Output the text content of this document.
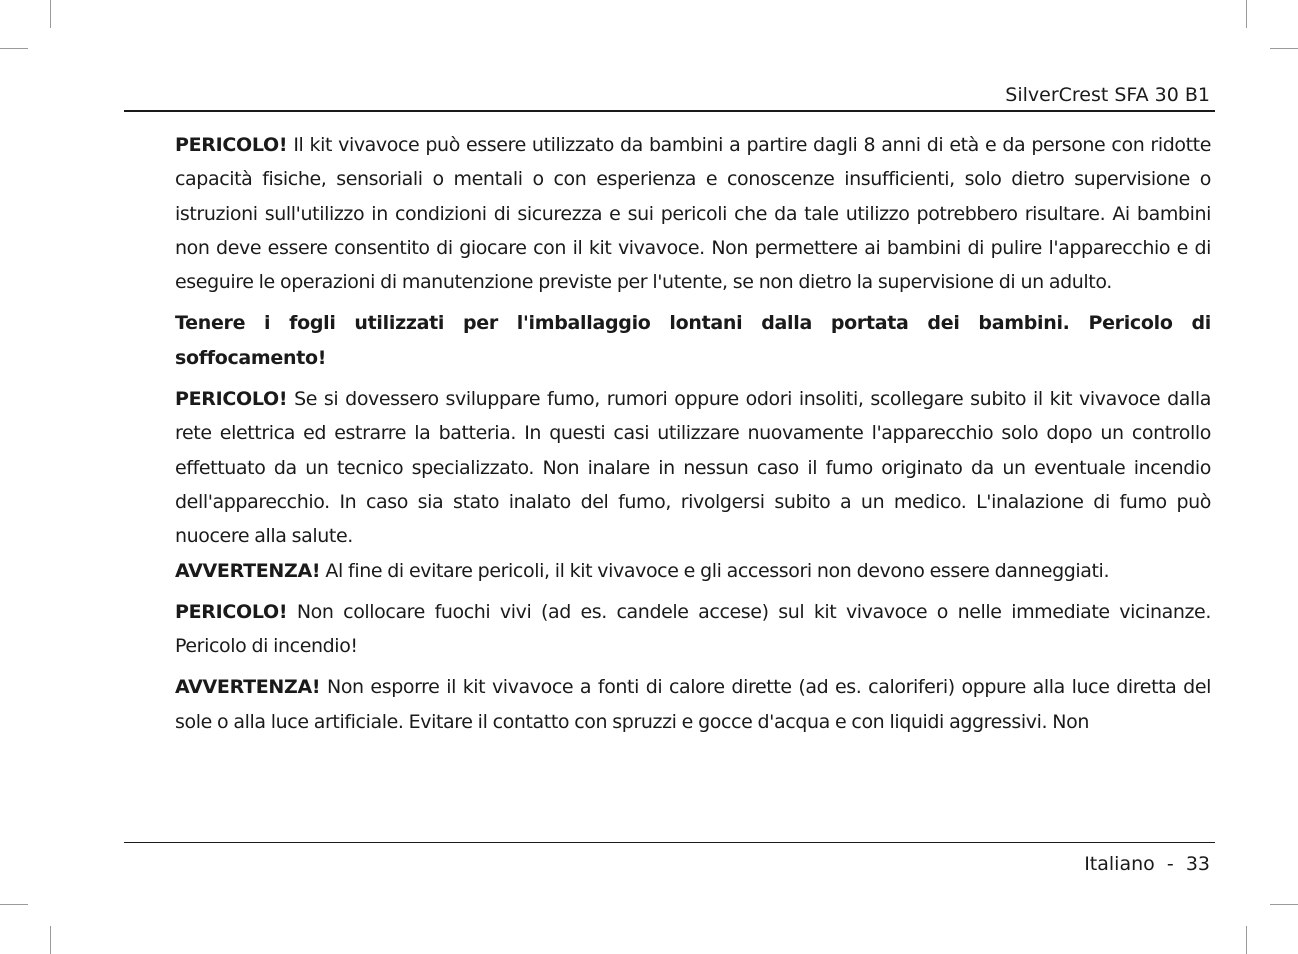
SilverCrest SFA 30 B1

PERICOLO! Il kit vivavoce può essere utilizzato da bambini a partire dagli 8 anni di età e da persone con ridotte capacità fisiche, sensoriali o mentali o con esperienza e conoscenze insufficienti, solo dietro supervisione o istruzioni sull'utilizzo in condizioni di sicurezza e sui pericoli che da tale utilizzo potrebbero risultare. Ai bambini non deve essere consentito di giocare con il kit vivavoce. Non permettere ai bambini di pulire l'apparecchio e di eseguire le operazioni di manutenzione previste per l'utente, se non dietro la supervisione di un adulto.

Tenere i fogli utilizzati per l'imballaggio lontani dalla portata dei bambini. Pericolo di soffocamento!

PERICOLO! Se si dovessero sviluppare fumo, rumori oppure odori insoliti, scollegare subito il kit vivavoce dalla rete elettrica ed estrarre la batteria. In questi casi utilizzare nuovamente l'apparecchio solo dopo un controllo effettuato da un tecnico specializzato. Non inalare in nessun caso il fumo originato da un eventuale incendio dell'apparecchio. In caso sia stato inalato del fumo, rivolgersi subito a un medico. L'inalazione di fumo può nuocere alla salute.

AVVERTENZA! Al fine di evitare pericoli, il kit vivavoce e gli accessori non devono essere danneggiati.

PERICOLO! Non collocare fuochi vivi (ad es. candele accese) sul kit vivavoce o nelle immediate vicinanze. Pericolo di incendio!

AVVERTENZA! Non esporre il kit vivavoce a fonti di calore dirette (ad es. caloriferi) oppure alla luce diretta del sole o alla luce artificiale. Evitare il contatto con spruzzi e gocce d'acqua e con liquidi aggressivi. Non

Italiano - 33
